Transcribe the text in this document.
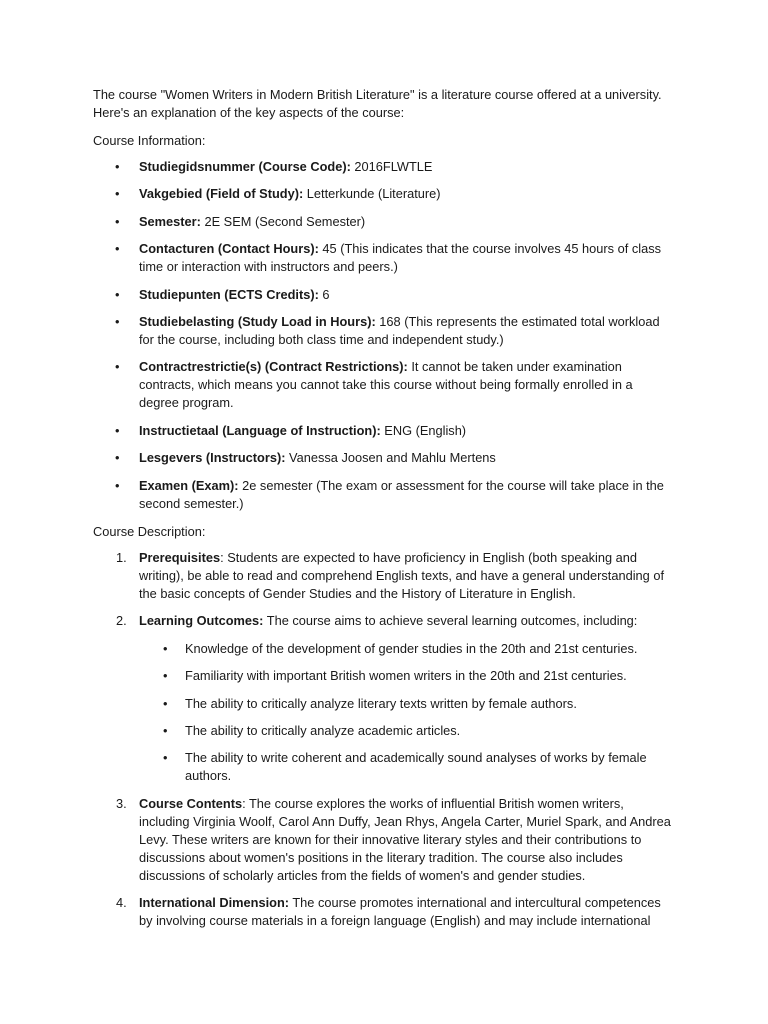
The course "Women Writers in Modern British Literature" is a literature course offered at a university. Here's an explanation of the key aspects of the course:

Course Information:

• Studiegidsnummer (Course Code): 2016FLWTLE
• Vakgebied (Field of Study): Letterkunde (Literature)
• Semester: 2E SEM (Second Semester)
• Contacturen (Contact Hours): 45 (This indicates that the course involves 45 hours of class time or interaction with instructors and peers.)
• Studiepunten (ECTS Credits): 6
• Studiebelasting (Study Load in Hours): 168 (This represents the estimated total workload for the course, including both class time and independent study.)
• Contractrestrictie(s) (Contract Restrictions): It cannot be taken under examination contracts, which means you cannot take this course without being formally enrolled in a degree program.
• Instructietaal (Language of Instruction): ENG (English)
• Lesgevers (Instructors): Vanessa Joosen and Mahlu Mertens
• Examen (Exam): 2e semester (The exam or assessment for the course will take place in the second semester.)

Course Description:

1. Prerequisites: Students are expected to have proficiency in English (both speaking and writing), be able to read and comprehend English texts, and have a general understanding of the basic concepts of Gender Studies and the History of Literature in English.
2. Learning Outcomes: The course aims to achieve several learning outcomes, including:
• Knowledge of the development of gender studies in the 20th and 21st centuries.
• Familiarity with important British women writers in the 20th and 21st centuries.
• The ability to critically analyze literary texts written by female authors.
• The ability to critically analyze academic articles.
• The ability to write coherent and academically sound analyses of works by female authors.
3. Course Contents: The course explores the works of influential British women writers, including Virginia Woolf, Carol Ann Duffy, Jean Rhys, Angela Carter, Muriel Spark, and Andrea Levy. These writers are known for their innovative literary styles and their contributions to discussions about women's positions in the literary tradition. The course also includes discussions of scholarly articles from the fields of women's and gender studies.
4. International Dimension: The course promotes international and intercultural competences by involving course materials in a foreign language (English) and may include international
